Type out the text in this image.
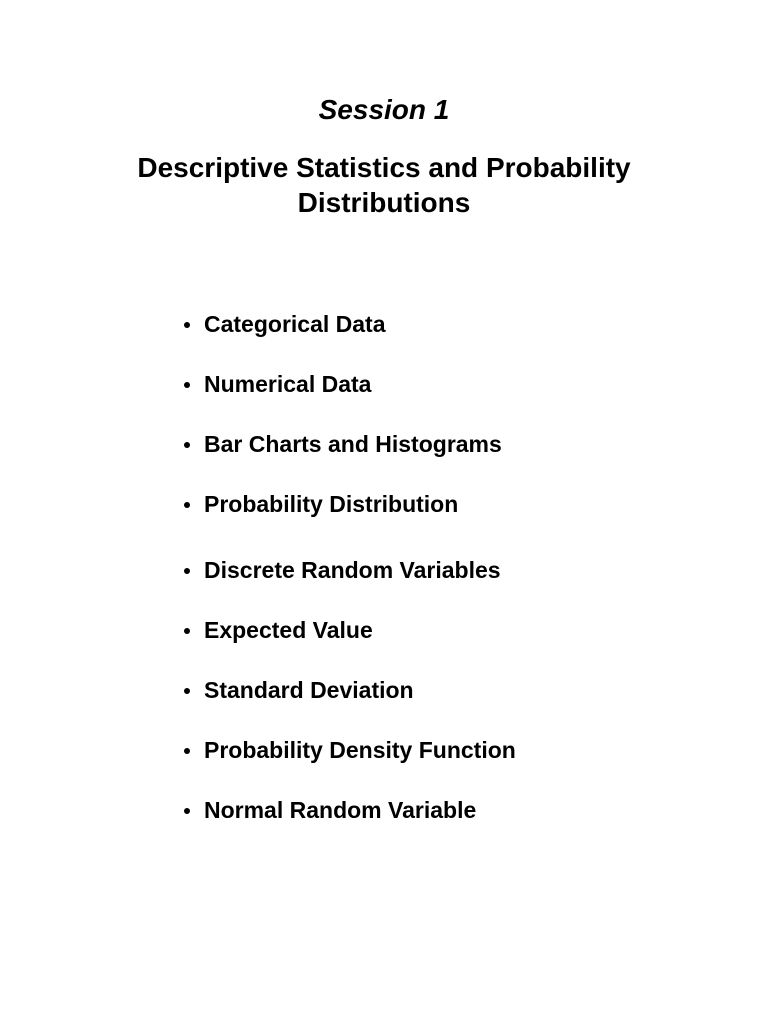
Session 1
Descriptive Statistics and Probability Distributions
Categorical Data
Numerical Data
Bar Charts and Histograms
Probability Distribution
Discrete Random Variables
Expected Value
Standard Deviation
Probability Density Function
Normal Random Variable
